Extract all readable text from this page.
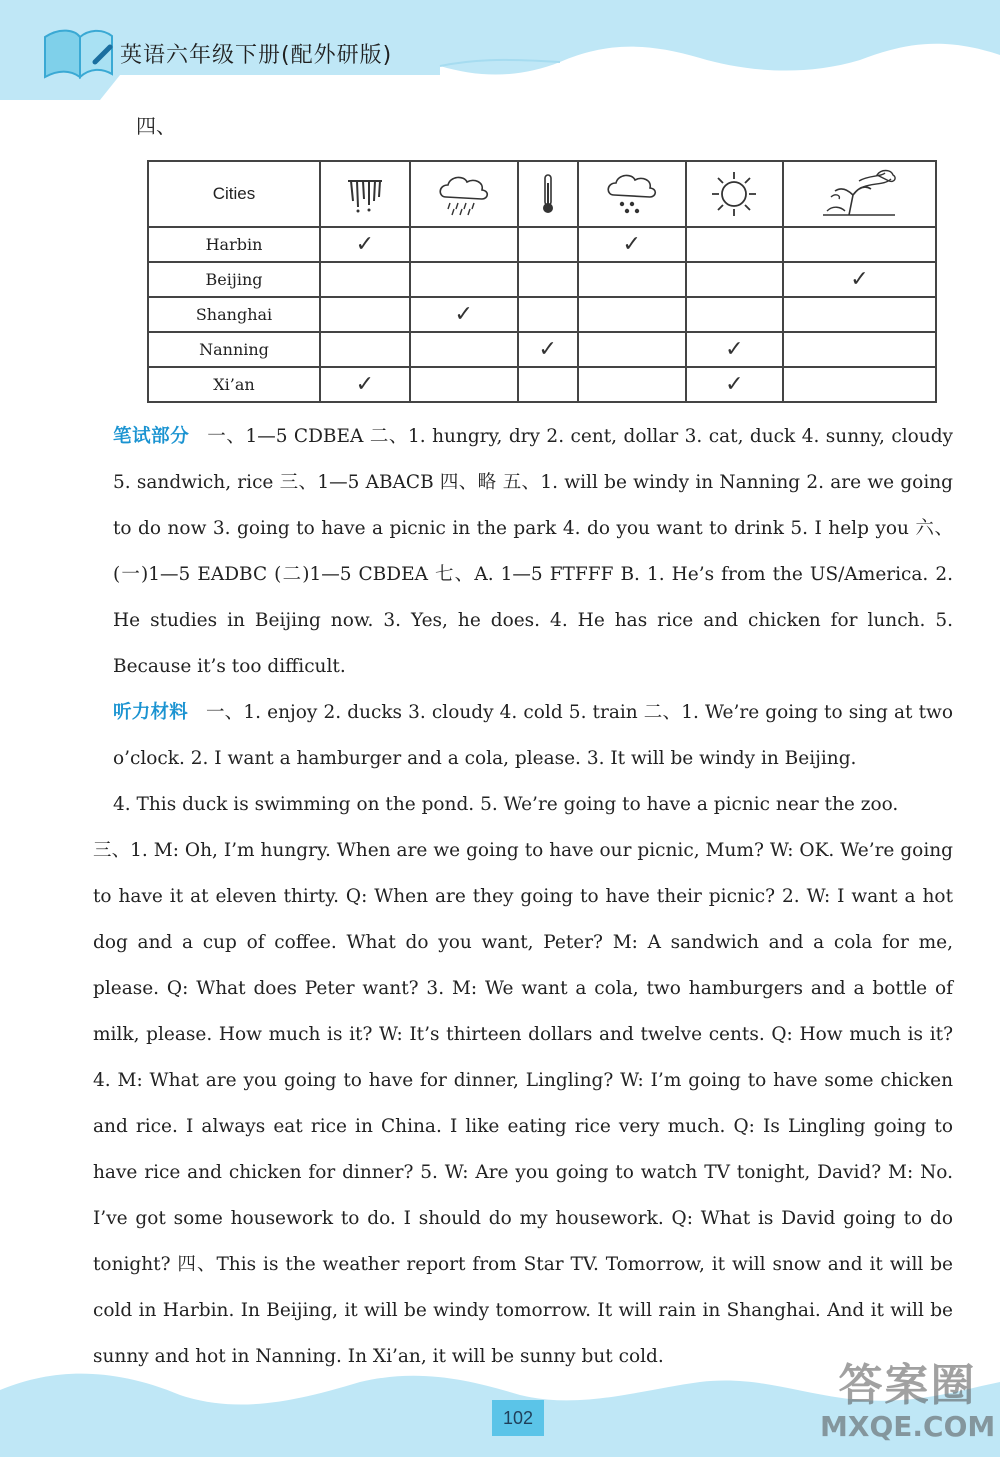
英语六年级下册(配外研版)
四、
Cities	

Harbin	✓			✓		
Beijing						✓
Shanghai		✓				
Nanning			✓		✓	
Xi’an	✓				✓	

笔试部分 一、1—5 CDBEA 二、1. hungry, dry 2. cent, dollar 3. cat, duck 4. sunny, cloudy 5. sandwich, rice 三、1—5 ABACB 四、略 五、1. will be windy in Nanning 2. are we going to do now 3. going to have a picnic in the park 4. do you want to drink 5. I help you 六、(一)1—5 EADBC (二)1—5 CBDEA 七、A. 1—5 FTFFF B. 1. He’s from the US/America. 2. He studies in Beijing now. 3. Yes, he does. 4. He has rice and chicken for lunch. 5. Because it’s too difficult.

听力材料 一、1. enjoy 2. ducks 3. cloudy 4. cold 5. train 二、1. We’re going to sing at two o’clock. 2. I want a hamburger and a cola, please. 3. It will be windy in Beijing.

4. This duck is swimming on the pond. 5. We’re going to have a picnic near the zoo.

三、1. M: Oh, I’m hungry. When are we going to have our picnic, Mum? W: OK. We’re going to have it at eleven thirty. Q: When are they going to have their picnic? 2. W: I want a hot dog and a cup of coffee. What do you want, Peter? M: A sandwich and a cola for me, please. Q: What does Peter want? 3. M: We want a cola, two hamburgers and a bottle of milk, please. How much is it? W: It’s thirteen dollars and twelve cents. Q: How much is it? 4. M: What are you going to have for dinner, Lingling? W: I’m going to have some chicken and rice. I always eat rice in China. I like eating rice very much. Q: Is Lingling going to have rice and chicken for dinner? 5. W: Are you going to watch TV tonight, David? M: No. I’ve got some housework to do. I should do my housework. Q: What is David going to do tonight? 四、This is the weather report from Star TV. Tomorrow, it will snow and it will be cold in Harbin. In Beijing, it will be windy tomorrow. It will rain in Shanghai. And it will be sunny and hot in Nanning. In Xi’an, it will be sunny but cold.

102
答案圈
MXQE.COM
